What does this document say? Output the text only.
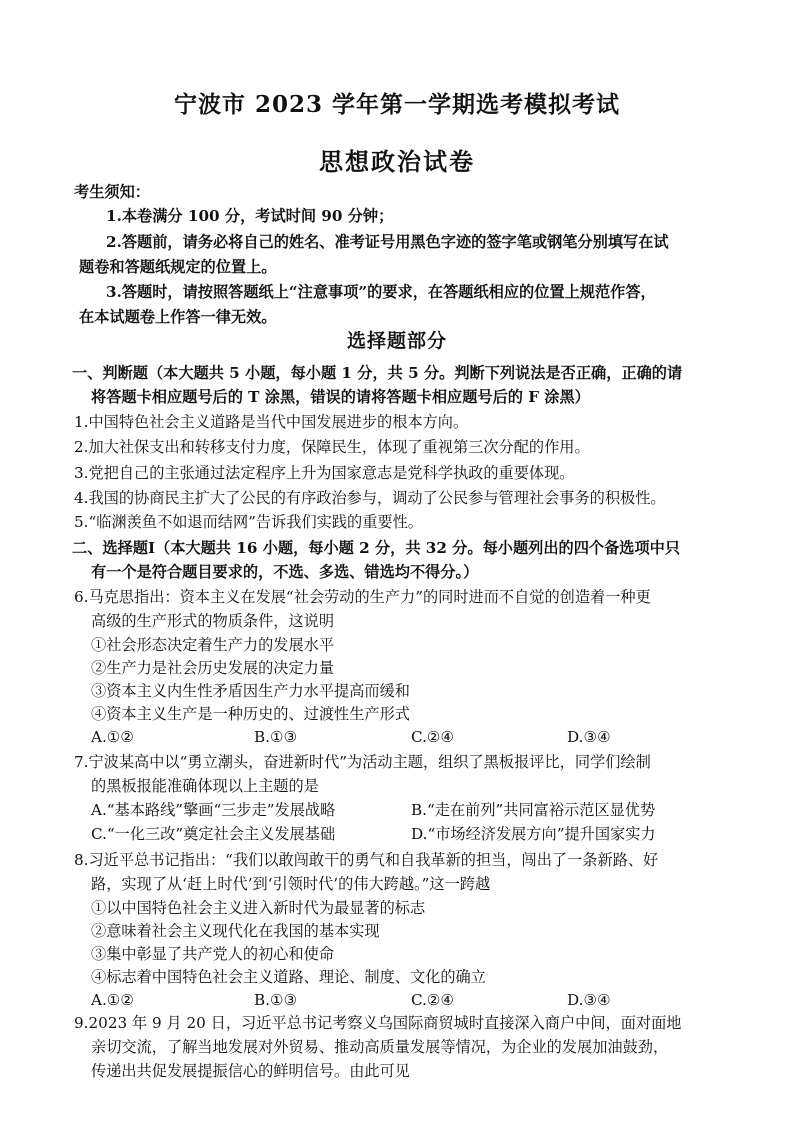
宁波市 2023 学年第一学期选考模拟考试
思想政治试卷
考生须知：
1.本卷满分 100 分，考试时间 90 分钟；
2.答题前，请务必将自己的姓名、准考证号用黑色字迹的签字笔或钢笔分别填写在试
题卷和答题纸规定的位置上。
3.答题时，请按照答题纸上“注意事项”的要求，在答题纸相应的位置上规范作答，
在本试题卷上作答一律无效。
选择题部分
一、判断题（本大题共 5 小题，每小题 1 分，共 5 分。判断下列说法是否正确，正确的请
将答题卡相应题号后的 T 涂黑，错误的请将答题卡相应题号后的 F 涂黑）
1.中国特色社会主义道路是当代中国发展进步的根本方向。
2.加大社保支出和转移支付力度，保障民生，体现了重视第三次分配的作用。
3.党把自己的主张通过法定程序上升为国家意志是党科学执政的重要体现。
4.我国的协商民主扩大了公民的有序政治参与，调动了公民参与管理社会事务的积极性。
5.“临渊羡鱼不如退而结网”告诉我们实践的重要性。
二、选择题Ⅰ（本大题共 16 小题，每小题 2 分，共 32 分。每小题列出的四个备选项中只
有一个是符合题目要求的，不选、多选、错选均不得分。）
6.马克思指出：资本主义在发展“社会劳动的生产力”的同时进而不自觉的创造着一种更
高级的生产形式的物质条件，这说明
①社会形态决定着生产力的发展水平
②生产力是社会历史发展的决定力量
③资本主义内生性矛盾因生产力水平提高而缓和
④资本主义生产是一种历史的、过渡性生产形式
A.①②	B.①③	C.②④	D.③④
7.宁波某高中以“勇立潮头，奋进新时代”为活动主题，组织了黑板报评比，同学们绘制
的黑板报能准确体现以上主题的是
A.“基本路线”擎画“三步走”发展战略	B.“走在前列”共同富裕示范区显优势
C.“一化三改”奠定社会主义发展基础	D.“市场经济发展方向”提升国家实力
8.习近平总书记指出：“我们以敢闯敢干的勇气和自我革新的担当，闯出了一条新路、好
路，实现了从‘赶上时代’到‘引领时代’的伟大跨越。”这一跨越
①以中国特色社会主义进入新时代为最显著的标志
②意味着社会主义现代化在我国的基本实现
③集中彰显了共产党人的初心和使命
④标志着中国特色社会主义道路、理论、制度、文化的确立
A.①②	B.①③	C.②④	D.③④
9.2023 年 9 月 20 日，习近平总书记考察义乌国际商贸城时直接深入商户中间，面对面地
亲切交流，了解当地发展对外贸易、推动高质量发展等情况，为企业的发展加油鼓劲，
传递出共促发展提振信心的鲜明信号。由此可见
